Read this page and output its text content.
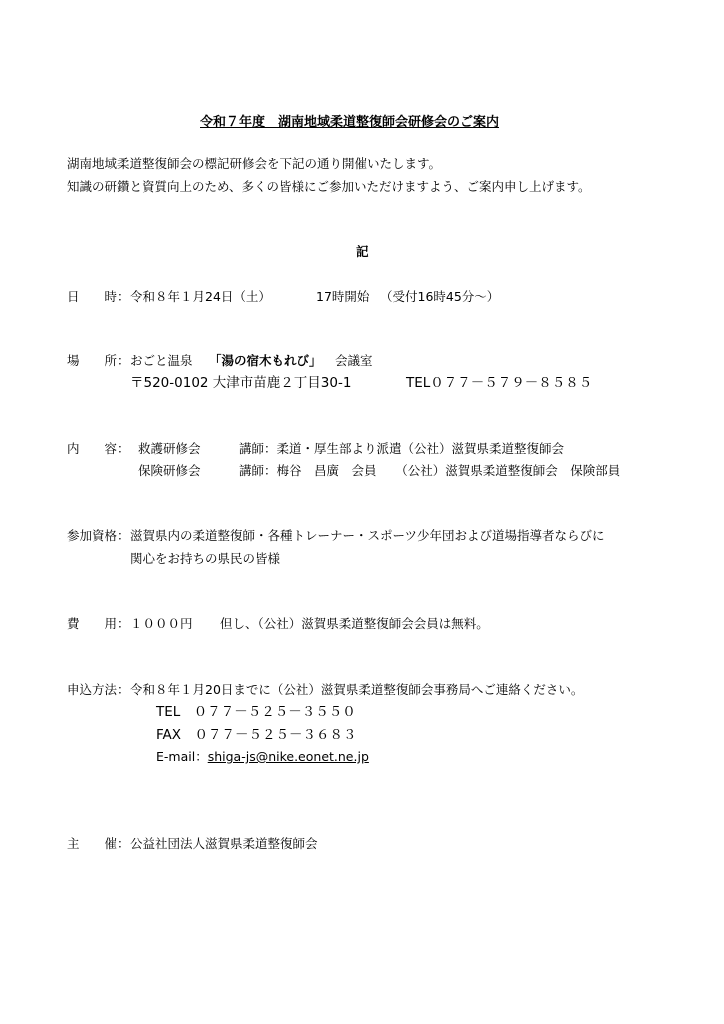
令和７年度　湖南地域柔道整復師会研修会のご案内
湖南地域柔道整復師会の標記研修会を下記の通り開催いたします。
知識の研鑽と資質向上のため、多くの皆様にご参加いただけますよう、ご案内申し上げます。
記
日　　時： 令和８年１月24日（土）	17時開始 （受付16時45分～）
場　　所： おごと温泉　 「湯の宿木もれび」 会議室
〒520-0102 大津市苗鹿２丁目30-1	TEL０７７－５７９－８５８５
内　　容： 救護研修会	講師：柔道・厚生部より派遣（公社）滋賀県柔道整復師会
保険研修会	講師：梅谷　昌廣　会員　　（公社）滋賀県柔道整復師会　保険部員
参加資格： 滋賀県内の柔道整復師・各種トレーナー・スポーツ少年団および道場指導者ならびに
関心をお持ちの県民の皆様
費　　用： １０００円 但し、（公社）滋賀県柔道整復師会会員は無料。
申込方法： 令和８年１月20日までに（公社）滋賀県柔道整復師会事務局へご連絡ください。
TEL　０７７－５２５－３５５０
FAX　０７７－５２５－３６８３
E-mail：shiga-js@nike.eonet.ne.jp
主　　催： 公益社団法人滋賀県柔道整復師会
